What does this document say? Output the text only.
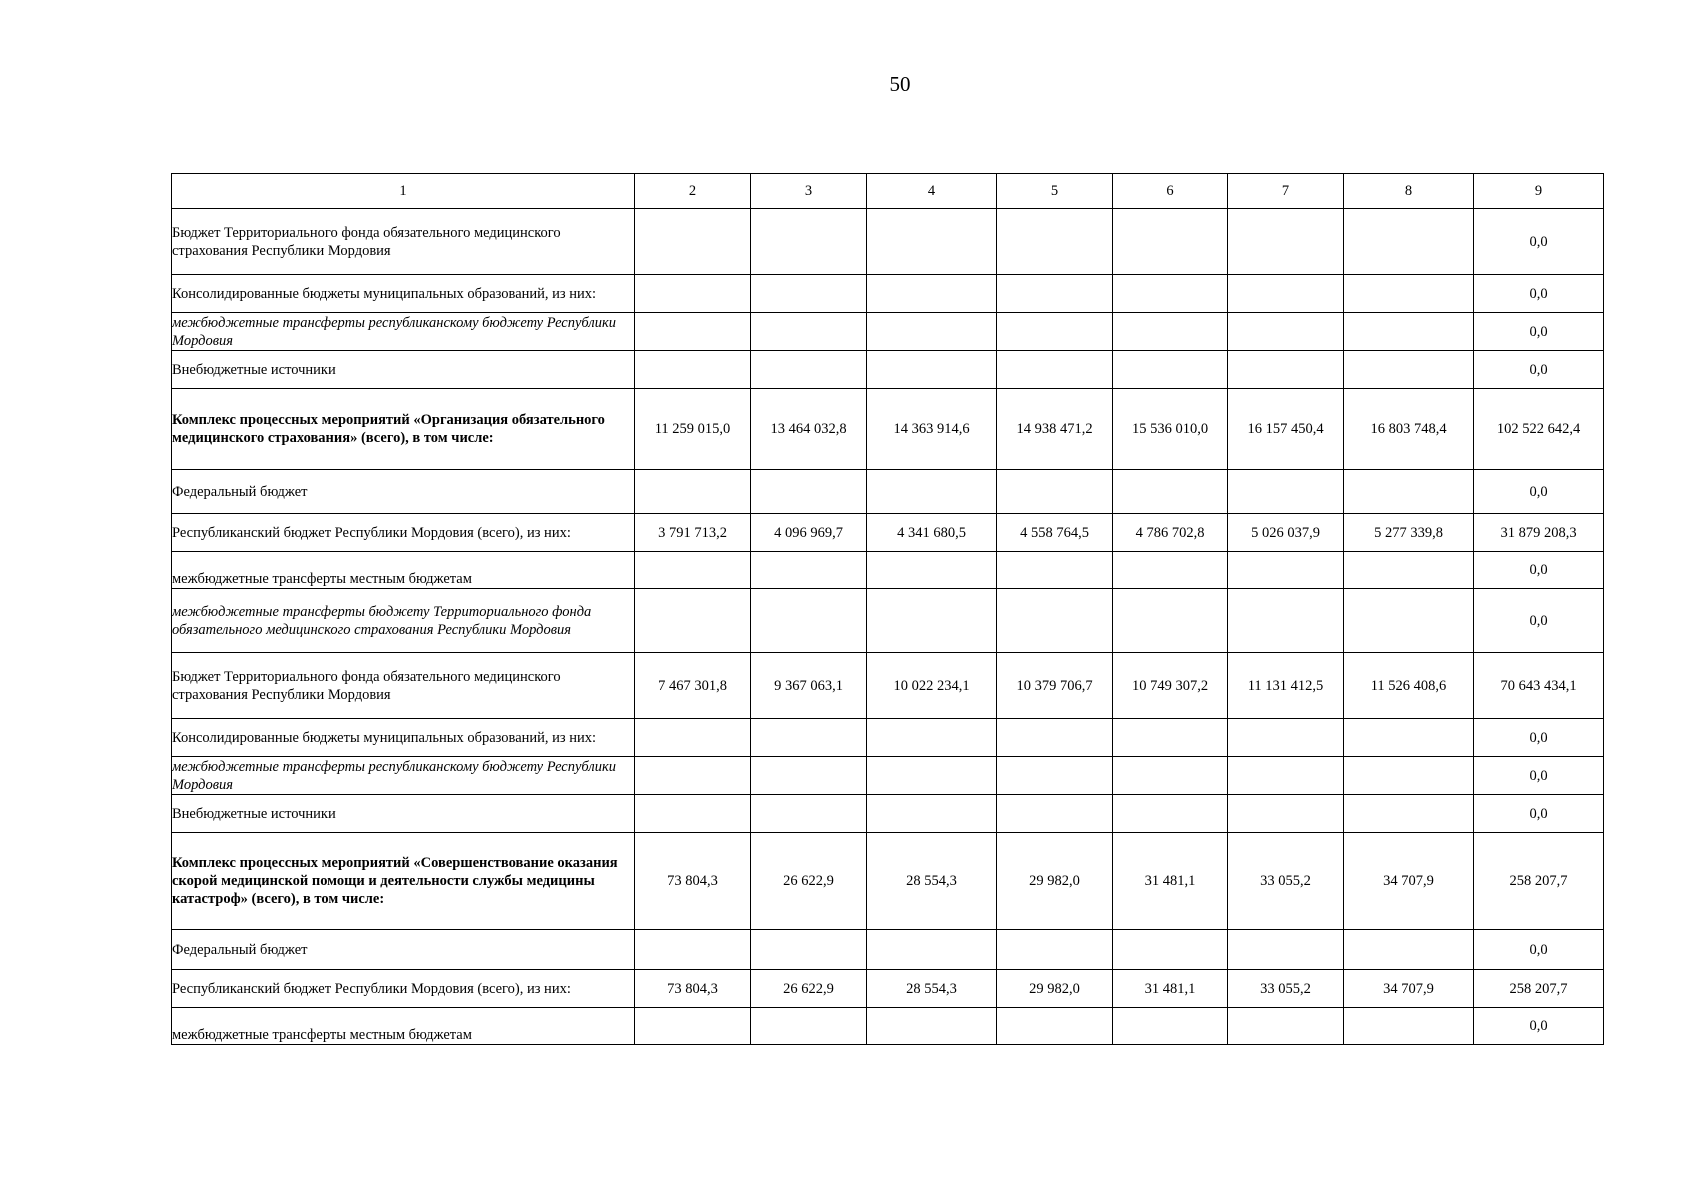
50
1	2	3	4	5	6	7	8	9
Бюджет Территориального фонда обязательного медицинского страхования Республики Мордовия								0,0
Консолидированные бюджеты муниципальных образований, из них:								0,0
межбюджетные трансферты республиканскому бюджету Республики Мордовия								0,0
Внебюджетные источники								0,0
Комплекс процессных мероприятий «Организация обязательного медицинского страхования» (всего), в том числе:	11 259 015,0	13 464 032,8	14 363 914,6	14 938 471,2	15 536 010,0	16 157 450,4	16 803 748,4	102 522 642,4
Федеральный бюджет								0,0
Республиканский бюджет Республики Мордовия (всего), из них:	3 791 713,2	4 096 969,7	4 341 680,5	4 558 764,5	4 786 702,8	5 026 037,9	5 277 339,8	31 879 208,3
межбюджетные трансферты местным бюджетам								0,0
межбюджетные трансферты бюджету Территориального фонда обязательного медицинского страхования Республики Мордовия								0,0
Бюджет Территориального фонда обязательного медицинского страхования Республики Мордовия	7 467 301,8	9 367 063,1	10 022 234,1	10 379 706,7	10 749 307,2	11 131 412,5	11 526 408,6	70 643 434,1
Консолидированные бюджеты муниципальных образований, из них:								0,0
межбюджетные трансферты республиканскому бюджету Республики Мордовия								0,0
Внебюджетные источники								0,0
Комплекс процессных мероприятий «Совершенствование оказания скорой медицинской помощи и деятельности службы медицины катастроф» (всего), в том числе:	73 804,3	26 622,9	28 554,3	29 982,0	31 481,1	33 055,2	34 707,9	258 207,7
Федеральный бюджет								0,0
Республиканский бюджет Республики Мордовия (всего), из них:	73 804,3	26 622,9	28 554,3	29 982,0	31 481,1	33 055,2	34 707,9	258 207,7
межбюджетные трансферты местным бюджетам								0,0
